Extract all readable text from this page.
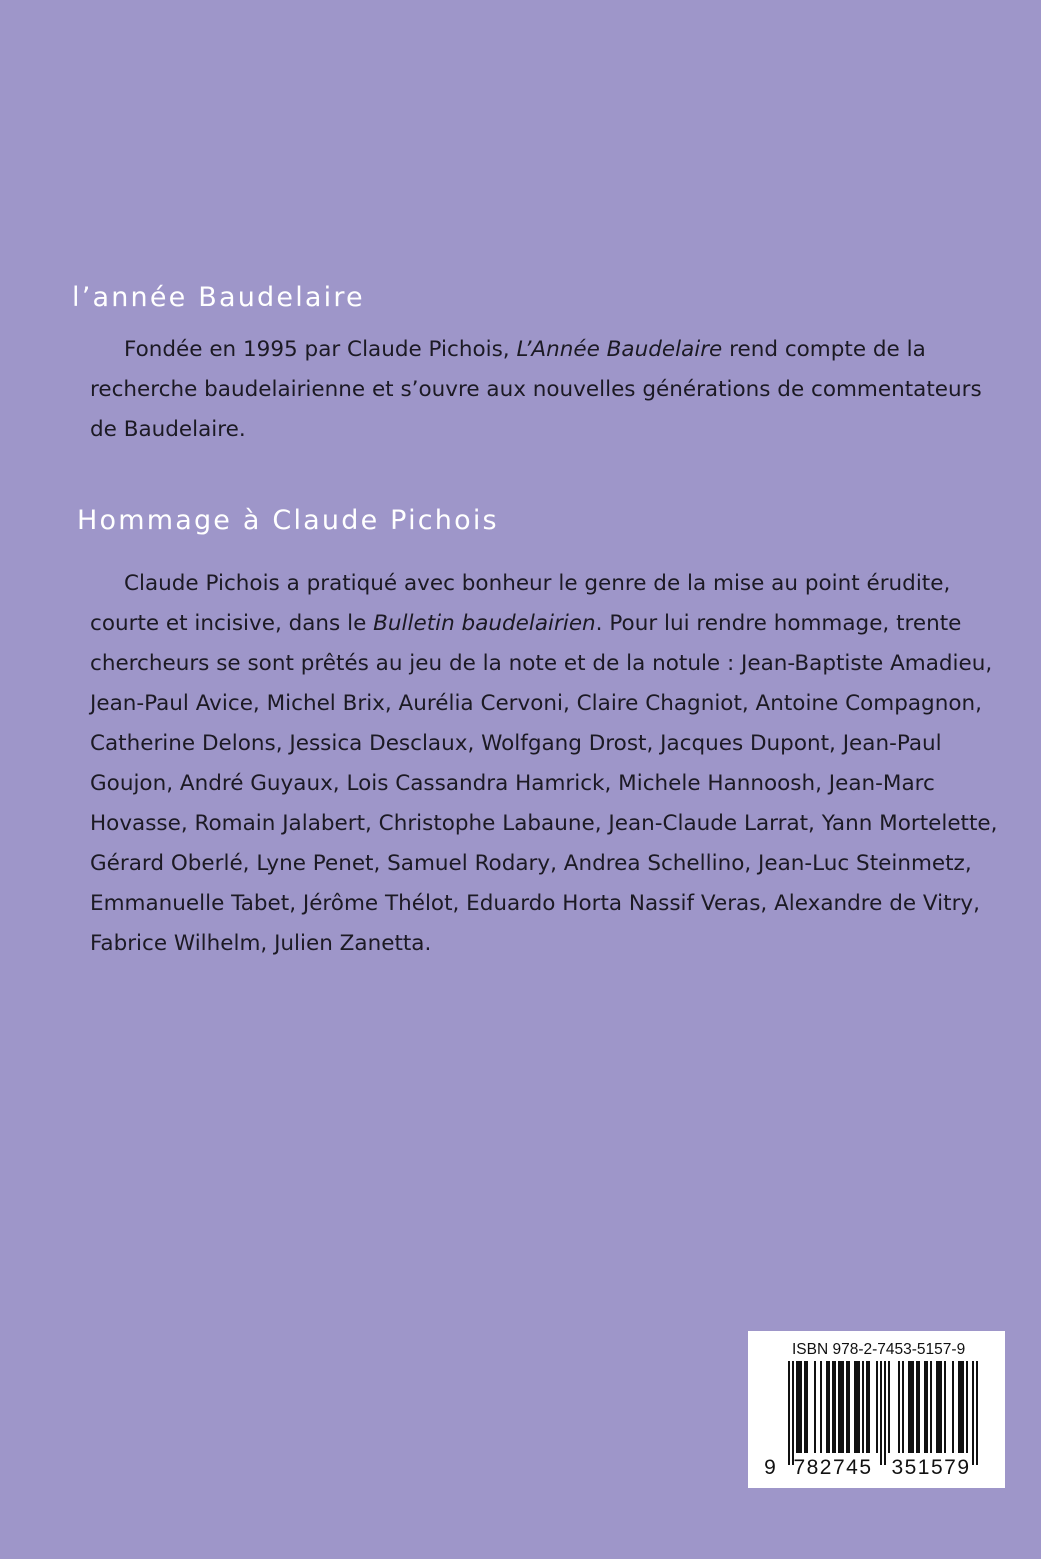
l’année Baudelaire
Fondée en 1995 par Claude Pichois, L’Année Baudelaire rend compte de la
recherche baudelairienne et s’ouvre aux nouvelles générations de commentateurs
de Baudelaire.
Hommage à Claude Pichois
Claude Pichois a pratiqué avec bonheur le genre de la mise au point érudite,
courte et incisive, dans le Bulletin baudelairien. Pour lui rendre hommage, trente
chercheurs se sont prêtés au jeu de la note et de la notule : Jean-Baptiste Amadieu,
Jean-Paul Avice, Michel Brix, Aurélia Cervoni, Claire Chagniot, Antoine Compagnon,
Catherine Delons, Jessica Desclaux, Wolfgang Drost, Jacques Dupont, Jean-Paul
Goujon, André Guyaux, Lois Cassandra Hamrick, Michele Hannoosh, Jean-Marc
Hovasse, Romain Jalabert, Christophe Labaune, Jean-Claude Larrat, Yann Mortelette,
Gérard Oberlé, Lyne Penet, Samuel Rodary, Andrea Schellino, Jean-Luc Steinmetz,
Emmanuelle Tabet, Jérôme Thélot, Eduardo Horta Nassif Veras, Alexandre de Vitry,
Fabrice Wilhelm, Julien Zanetta.
ISBN 978-2-7453-5157-9
9 782745 351579
